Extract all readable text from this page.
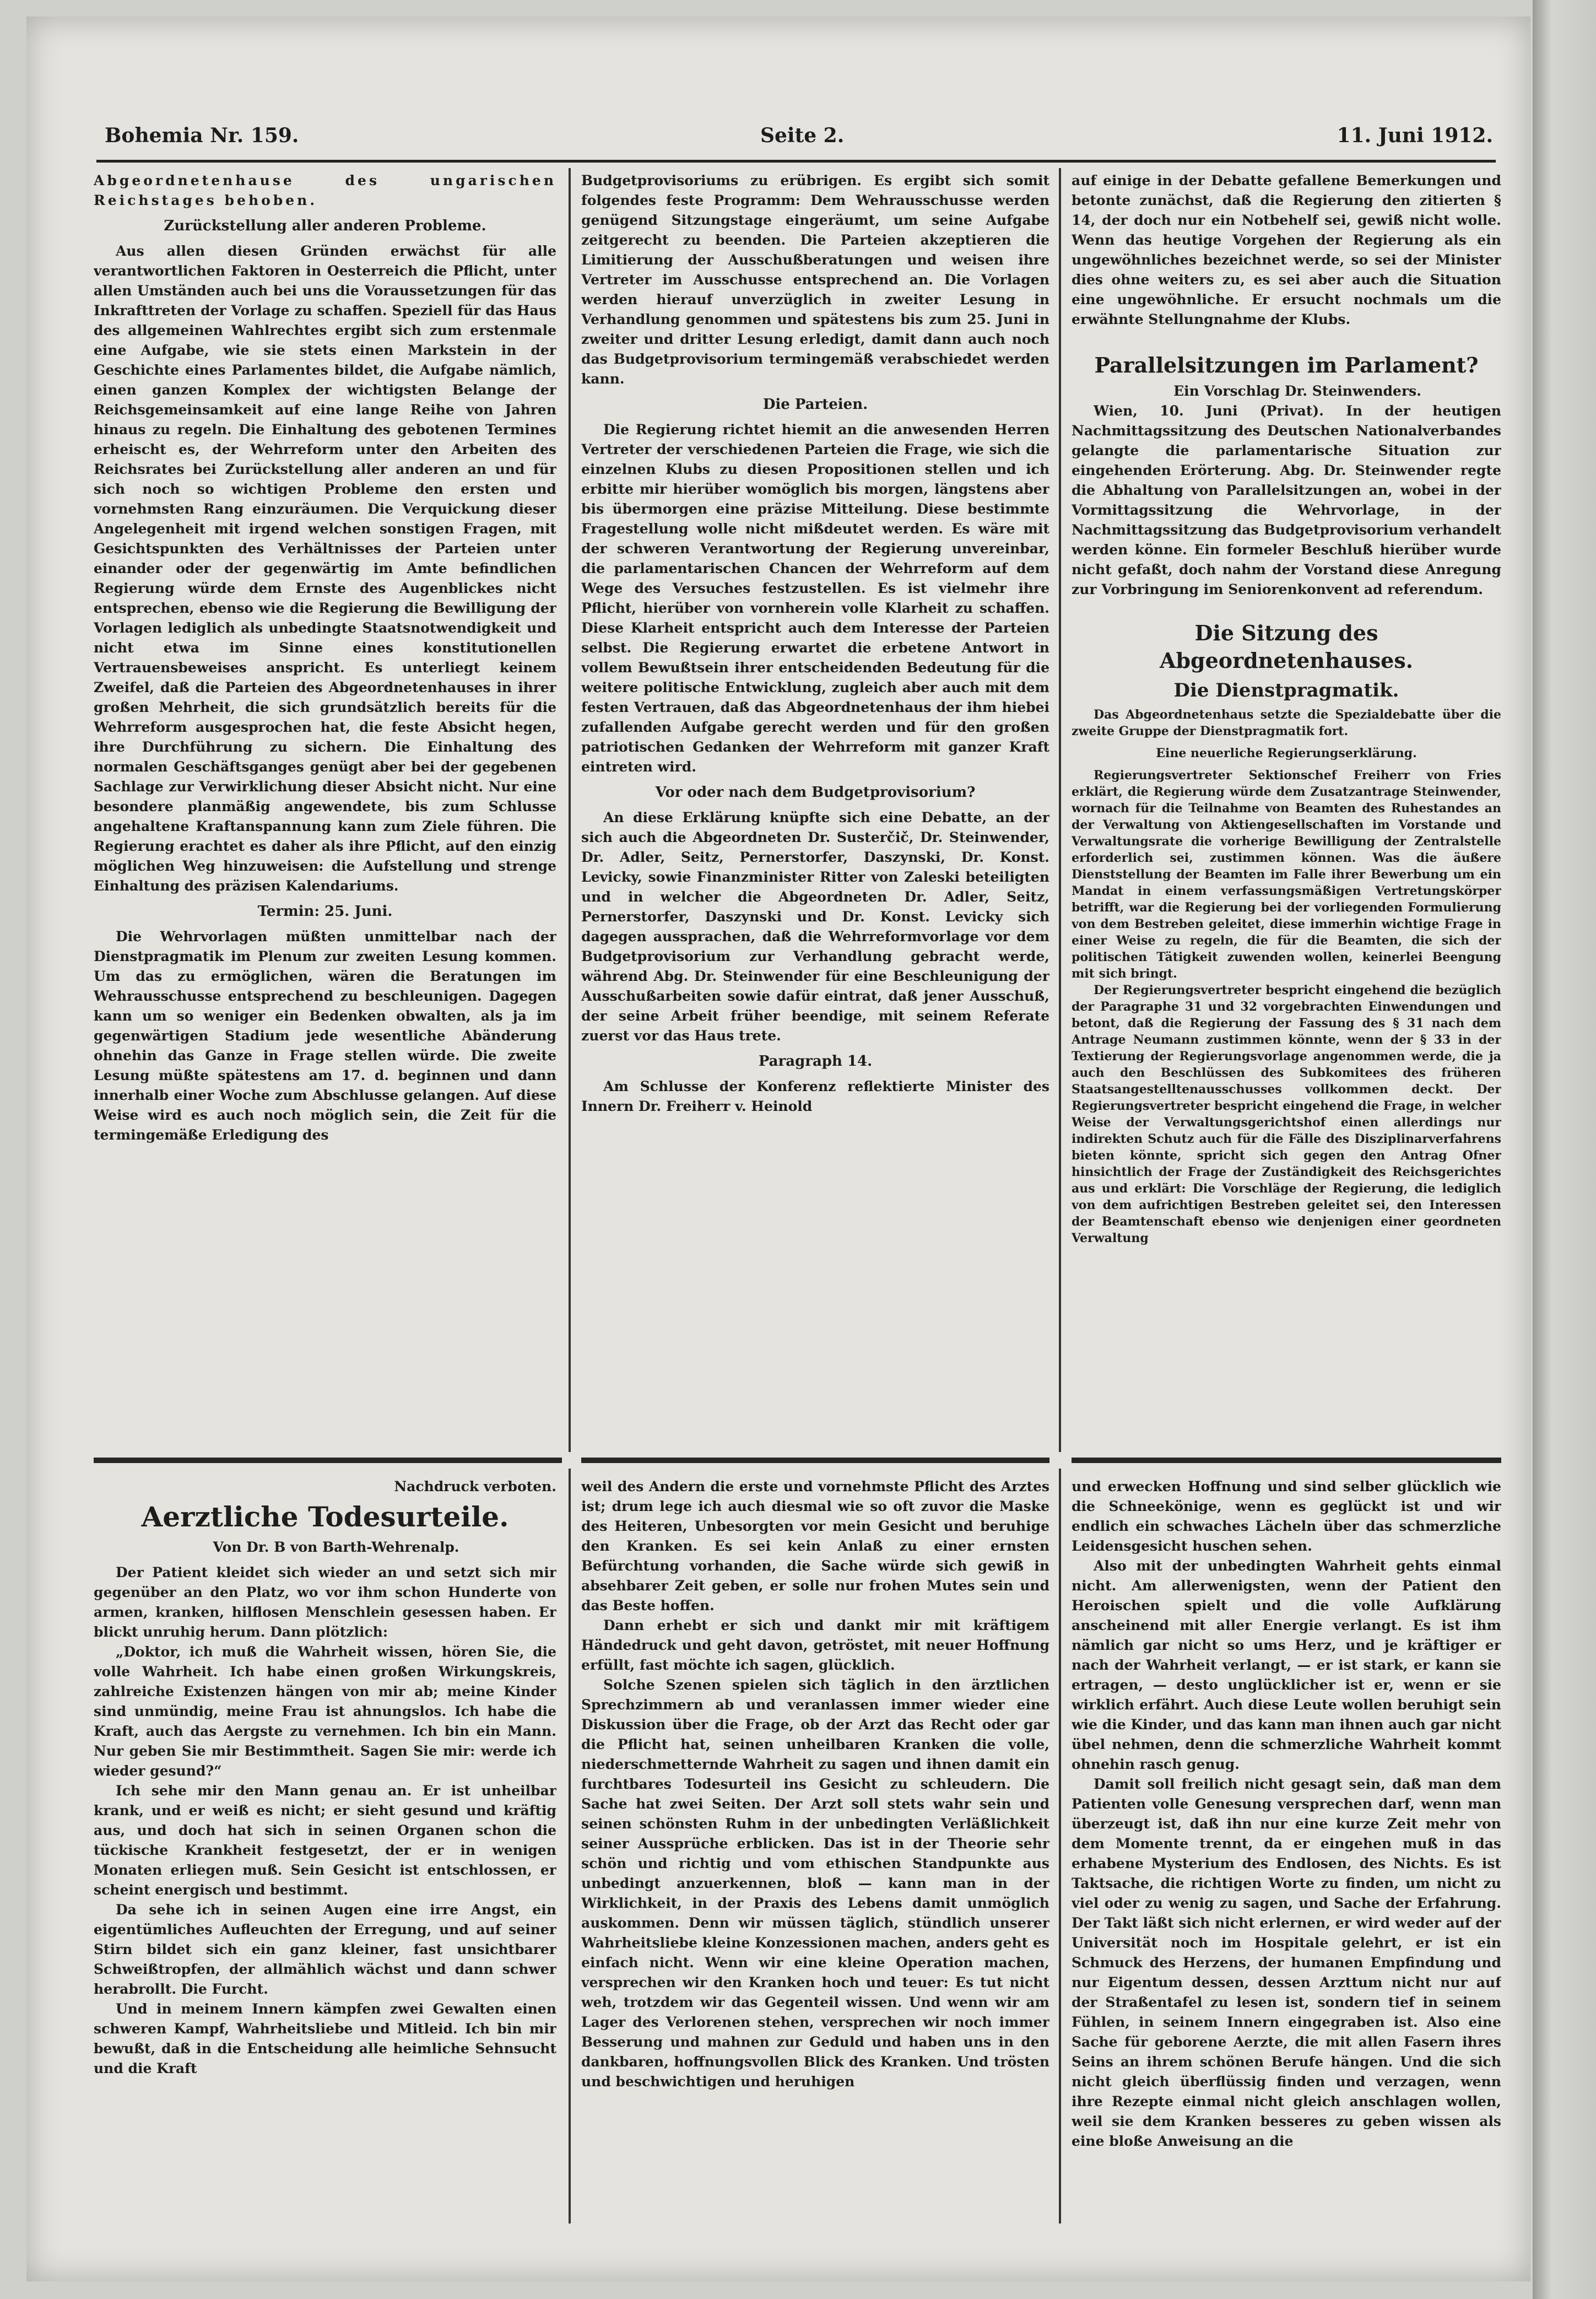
Bohemia Nr. 159.	Seite 2.	11. Juni 1912.

Abgeordnetenhause des ungarischen Reichstages behoben.

Zurückstellung aller anderen Probleme.

Aus allen diesen Gründen erwächst für alle verantwortlichen Faktoren in Oesterreich die Pflicht, unter allen Umständen auch bei uns die Voraussetzungen für das Inkrafttreten der Vorlage zu schaffen. Speziell für das Haus des allgemeinen Wahlrechtes ergibt sich zum erstenmale eine Aufgabe, wie sie stets einen Markstein in der Geschichte eines Parlamentes bildet, die Aufgabe nämlich, einen ganzen Komplex der wichtigsten Belange der Reichsgemeinsamkeit auf eine lange Reihe von Jahren hinaus zu regeln. Die Einhaltung des gebotenen Termines erheischt es, der Wehrreform unter den Arbeiten des Reichsrates bei Zurückstellung aller anderen an und für sich noch so wichtigen Probleme den ersten und vornehmsten Rang einzuräumen. Die Verquickung dieser Angelegenheit mit irgend welchen sonstigen Fragen, mit Gesichtspunkten des Verhältnisses der Parteien unter einander oder der gegenwärtig im Amte befindlichen Regierung würde dem Ernste des Augenblickes nicht entsprechen, ebenso wie die Regierung die Bewilligung der Vorlagen lediglich als unbedingte Staatsnotwendigkeit und nicht etwa im Sinne eines konstitutionellen Vertrauensbeweises anspricht. Es unterliegt keinem Zweifel, daß die Parteien des Abgeordnetenhauses in ihrer großen Mehrheit, die sich grundsätzlich bereits für die Wehrreform ausgesprochen hat, die feste Absicht hegen, ihre Durchführung zu sichern. Die Einhaltung des normalen Geschäftsganges genügt aber bei der gegebenen Sachlage zur Verwirklichung dieser Absicht nicht. Nur eine besondere planmäßig angewendete, bis zum Schlusse angehaltene Kraftanspannung kann zum Ziele führen. Die Regierung erachtet es daher als ihre Pflicht, auf den einzig möglichen Weg hinzuweisen: die Aufstellung und strenge Einhaltung des präzisen Kalendariums.

Termin: 25. Juni.

Die Wehrvorlagen müßten unmittelbar nach der Dienstpragmatik im Plenum zur zweiten Lesung kommen. Um das zu ermöglichen, wären die Beratungen im Wehrausschusse entsprechend zu beschleunigen. Dagegen kann um so weniger ein Bedenken obwalten, als ja im gegenwärtigen Stadium jede wesentliche Abänderung ohnehin das Ganze in Frage stellen würde. Die zweite Lesung müßte spätestens am 17. d. beginnen und dann innerhalb einer Woche zum Abschlusse gelangen. Auf diese Weise wird es auch noch möglich sein, die Zeit für die termingemäße Erledigung des

Budgetprovisoriums zu erübrigen. Es ergibt sich somit folgendes feste Programm: Dem Wehrausschusse werden genügend Sitzungstage eingeräumt, um seine Aufgabe zeitgerecht zu beenden. Die Parteien akzeptieren die Limitierung der Ausschußberatungen und weisen ihre Vertreter im Ausschusse entsprechend an. Die Vorlagen werden hierauf unverzüglich in zweiter Lesung in Verhandlung genommen und spätestens bis zum 25. Juni in zweiter und dritter Lesung erledigt, damit dann auch noch das Budgetprovisorium termingemäß verabschiedet werden kann.

Die Parteien.

Die Regierung richtet hiemit an die anwesenden Herren Vertreter der verschiedenen Parteien die Frage, wie sich die einzelnen Klubs zu diesen Propositionen stellen und ich erbitte mir hierüber womöglich bis morgen, längstens aber bis übermorgen eine präzise Mitteilung. Diese bestimmte Fragestellung wolle nicht mißdeutet werden. Es wäre mit der schweren Verantwortung der Regierung unvereinbar, die parlamentarischen Chancen der Wehrreform auf dem Wege des Versuches festzustellen. Es ist vielmehr ihre Pflicht, hierüber von vornherein volle Klarheit zu schaffen. Diese Klarheit entspricht auch dem Interesse der Parteien selbst. Die Regierung erwartet die erbetene Antwort in vollem Bewußtsein ihrer entscheidenden Bedeutung für die weitere politische Entwicklung, zugleich aber auch mit dem festen Vertrauen, daß das Abgeordnetenhaus der ihm hiebei zufallenden Aufgabe gerecht werden und für den großen patriotischen Gedanken der Wehrreform mit ganzer Kraft eintreten wird.

Vor oder nach dem Budgetprovisorium?

An diese Erklärung knüpfte sich eine Debatte, an der sich auch die Abgeordneten Dr. Susterčič, Dr. Steinwender, Dr. Adler, Seitz, Pernerstorfer, Daszynski, Dr. Konst. Levicky, sowie Finanzminister Ritter von Zaleski beteiligten und in welcher die Abgeordneten Dr. Adler, Seitz, Pernerstorfer, Daszynski und Dr. Konst. Levicky sich dagegen aussprachen, daß die Wehrreformvorlage vor dem Budgetprovisorium zur Verhandlung gebracht werde, während Abg. Dr. Steinwender für eine Beschleunigung der Ausschußarbeiten sowie dafür eintrat, daß jener Ausschuß, der seine Arbeit früher beendige, mit seinem Referate zuerst vor das Haus trete.

Paragraph 14.

Am Schlusse der Konferenz reflektierte Minister des Innern Dr. Freiherr v. Heinold

auf einige in der Debatte gefallene Bemerkungen und betonte zunächst, daß die Regierung den zitierten § 14, der doch nur ein Notbehelf sei, gewiß nicht wolle. Wenn das heutige Vorgehen der Regierung als ein ungewöhnliches bezeichnet werde, so sei der Minister dies ohne weiters zu, es sei aber auch die Situation eine ungewöhnliche. Er ersucht nochmals um die erwähnte Stellungnahme der Klubs.

Parallelsitzungen im Parlament?

Ein Vorschlag Dr. Steinwenders.

Wien, 10. Juni (Privat). In der heutigen Nachmittagssitzung des Deutschen Nationalverbandes gelangte die parlamentarische Situation zur eingehenden Erörterung. Abg. Dr. Steinwender regte die Abhaltung von Parallelsitzungen an, wobei in der Vormittagssitzung die Wehrvorlage, in der Nachmittagssitzung das Budgetprovisorium verhandelt werden könne. Ein formeler Beschluß hierüber wurde nicht gefaßt, doch nahm der Vorstand diese Anregung zur Vorbringung im Seniorenkonvent ad referendum.

Die Sitzung des Abgeordnetenhauses.
Die Dienstpragmatik.

Das Abgeordnetenhaus setzte die Spezialdebatte über die zweite Gruppe der Dienstpragmatik fort.

Eine neuerliche Regierungserklärung.

Regierungsvertreter Sektionschef Freiherr von Fries erklärt, die Regierung würde dem Zusatzantrage Steinwender, wornach für die Teilnahme von Beamten des Ruhestandes an der Verwaltung von Aktiengesellschaften im Vorstande und Verwaltungsrate die vorherige Bewilligung der Zentralstelle erforderlich sei, zustimmen können. Was die äußere Dienststellung der Beamten im Falle ihrer Bewerbung um ein Mandat in einem verfassungsmäßigen Vertretungskörper betrifft, war die Regierung bei der vorliegenden Formulierung von dem Bestreben geleitet, diese immerhin wichtige Frage in einer Weise zu regeln, die für die Beamten, die sich der politischen Tätigkeit zuwenden wollen, keinerlei Beengung mit sich bringt.

Der Regierungsvertreter bespricht eingehend die bezüglich der Paragraphe 31 und 32 vorgebrachten Einwendungen und betont, daß die Regierung der Fassung des § 31 nach dem Antrage Neumann zustimmen könnte, wenn der § 33 in der Textierung der Regierungsvorlage angenommen werde, die ja auch den Beschlüssen des Subkomitees des früheren Staatsangestelltenausschusses vollkommen deckt. Der Regierungsvertreter bespricht eingehend die Frage, in welcher Weise der Verwaltungsgerichtshof einen allerdings nur indirekten Schutz auch für die Fälle des Disziplinarverfahrens bieten könnte, spricht sich gegen den Antrag Ofner hinsichtlich der Frage der Zuständigkeit des Reichsgerichtes aus und erklärt: Die Vorschläge der Regierung, die lediglich von dem aufrichtigen Bestreben geleitet sei, den Interessen der Beamtenschaft ebenso wie denjenigen einer geordneten Verwaltung

Nachdruck verboten.

Aerztliche Todesurteile.

Von Dr. B von Barth-Wehrenalp.

Der Patient kleidet sich wieder an und setzt sich mir gegenüber an den Platz, wo vor ihm schon Hunderte von armen, kranken, hilflosen Menschlein gesessen haben. Er blickt unruhig herum. Dann plötzlich:

„Doktor, ich muß die Wahrheit wissen, hören Sie, die volle Wahrheit. Ich habe einen großen Wirkungskreis, zahlreiche Existenzen hängen von mir ab; meine Kinder sind unmündig, meine Frau ist ahnungslos. Ich habe die Kraft, auch das Aergste zu vernehmen. Ich bin ein Mann. Nur geben Sie mir Bestimmtheit. Sagen Sie mir: werde ich wieder gesund?“

Ich sehe mir den Mann genau an. Er ist unheilbar krank, und er weiß es nicht; er sieht gesund und kräftig aus, und doch hat sich in seinen Organen schon die tückische Krankheit festgesetzt, der er in wenigen Monaten erliegen muß. Sein Gesicht ist entschlossen, er scheint energisch und bestimmt.

Da sehe ich in seinen Augen eine irre Angst, ein eigentümliches Aufleuchten der Erregung, und auf seiner Stirn bildet sich ein ganz kleiner, fast unsichtbarer Schweißtropfen, der allmählich wächst und dann schwer herabrollt. Die Furcht.

Und in meinem Innern kämpfen zwei Gewalten einen schweren Kampf, Wahrheitsliebe und Mitleid. Ich bin mir bewußt, daß in die Entscheidung alle heimliche Sehnsucht und die Kraft

weil des Andern die erste und vornehmste Pflicht des Arztes ist; drum lege ich auch diesmal wie so oft zuvor die Maske des Heiteren, Unbesorgten vor mein Gesicht und beruhige den Kranken. Es sei kein Anlaß zu einer ernsten Befürchtung vorhanden, die Sache würde sich gewiß in absehbarer Zeit geben, er solle nur frohen Mutes sein und das Beste hoffen.

Dann erhebt er sich und dankt mir mit kräftigem Händedruck und geht davon, getröstet, mit neuer Hoffnung erfüllt, fast möchte ich sagen, glücklich.

Solche Szenen spielen sich täglich in den ärztlichen Sprechzimmern ab und veranlassen immer wieder eine Diskussion über die Frage, ob der Arzt das Recht oder gar die Pflicht hat, seinen unheilbaren Kranken die volle, niederschmetternde Wahrheit zu sagen und ihnen damit ein furchtbares Todesurteil ins Gesicht zu schleudern. Die Sache hat zwei Seiten. Der Arzt soll stets wahr sein und seinen schönsten Ruhm in der unbedingten Verläßlichkeit seiner Aussprüche erblicken. Das ist in der Theorie sehr schön und richtig und vom ethischen Standpunkte aus unbedingt anzuerkennen, bloß — kann man in der Wirklichkeit, in der Praxis des Lebens damit unmöglich auskommen. Denn wir müssen täglich, stündlich unserer Wahrheitsliebe kleine Konzessionen machen, anders geht es einfach nicht. Wenn wir eine kleine Operation machen, versprechen wir den Kranken hoch und teuer: Es tut nicht weh, trotzdem wir das Gegenteil wissen. Und wenn wir am Lager des Verlorenen stehen, versprechen wir noch immer Besserung und mahnen zur Geduld und haben uns in den dankbaren, hoffnungsvollen Blick des Kranken. Und trösten und beschwichtigen und heruhigen

und erwecken Hoffnung und sind selber glücklich wie die Schneekönige, wenn es geglückt ist und wir endlich ein schwaches Lächeln über das schmerzliche Leidensgesicht huschen sehen.

Also mit der unbedingten Wahrheit gehts einmal nicht. Am allerwenigsten, wenn der Patient den Heroischen spielt und die volle Aufklärung anscheinend mit aller Energie verlangt. Es ist ihm nämlich gar nicht so ums Herz, und je kräftiger er nach der Wahrheit verlangt, — er ist stark, er kann sie ertragen, — desto unglücklicher ist er, wenn er sie wirklich erfährt. Auch diese Leute wollen beruhigt sein wie die Kinder, und das kann man ihnen auch gar nicht übel nehmen, denn die schmerzliche Wahrheit kommt ohnehin rasch genug.

Damit soll freilich nicht gesagt sein, daß man dem Patienten volle Genesung versprechen darf, wenn man überzeugt ist, daß ihn nur eine kurze Zeit mehr von dem Momente trennt, da er eingehen muß in das erhabene Mysterium des Endlosen, des Nichts. Es ist Taktsache, die richtigen Worte zu finden, um nicht zu viel oder zu wenig zu sagen, und Sache der Erfahrung. Der Takt läßt sich nicht erlernen, er wird weder auf der Universität noch im Hospitale gelehrt, er ist ein Schmuck des Herzens, der humanen Empfindung und nur Eigentum dessen, dessen Arzttum nicht nur auf der Straßentafel zu lesen ist, sondern tief in seinem Fühlen, in seinem Innern eingegraben ist. Also eine Sache für geborene Aerzte, die mit allen Fasern ihres Seins an ihrem schönen Berufe hängen. Und die sich nicht gleich überflüssig finden und verzagen, wenn ihre Rezepte einmal nicht gleich anschlagen wollen, weil sie dem Kranken besseres zu geben wissen als eine bloße Anweisung an die
